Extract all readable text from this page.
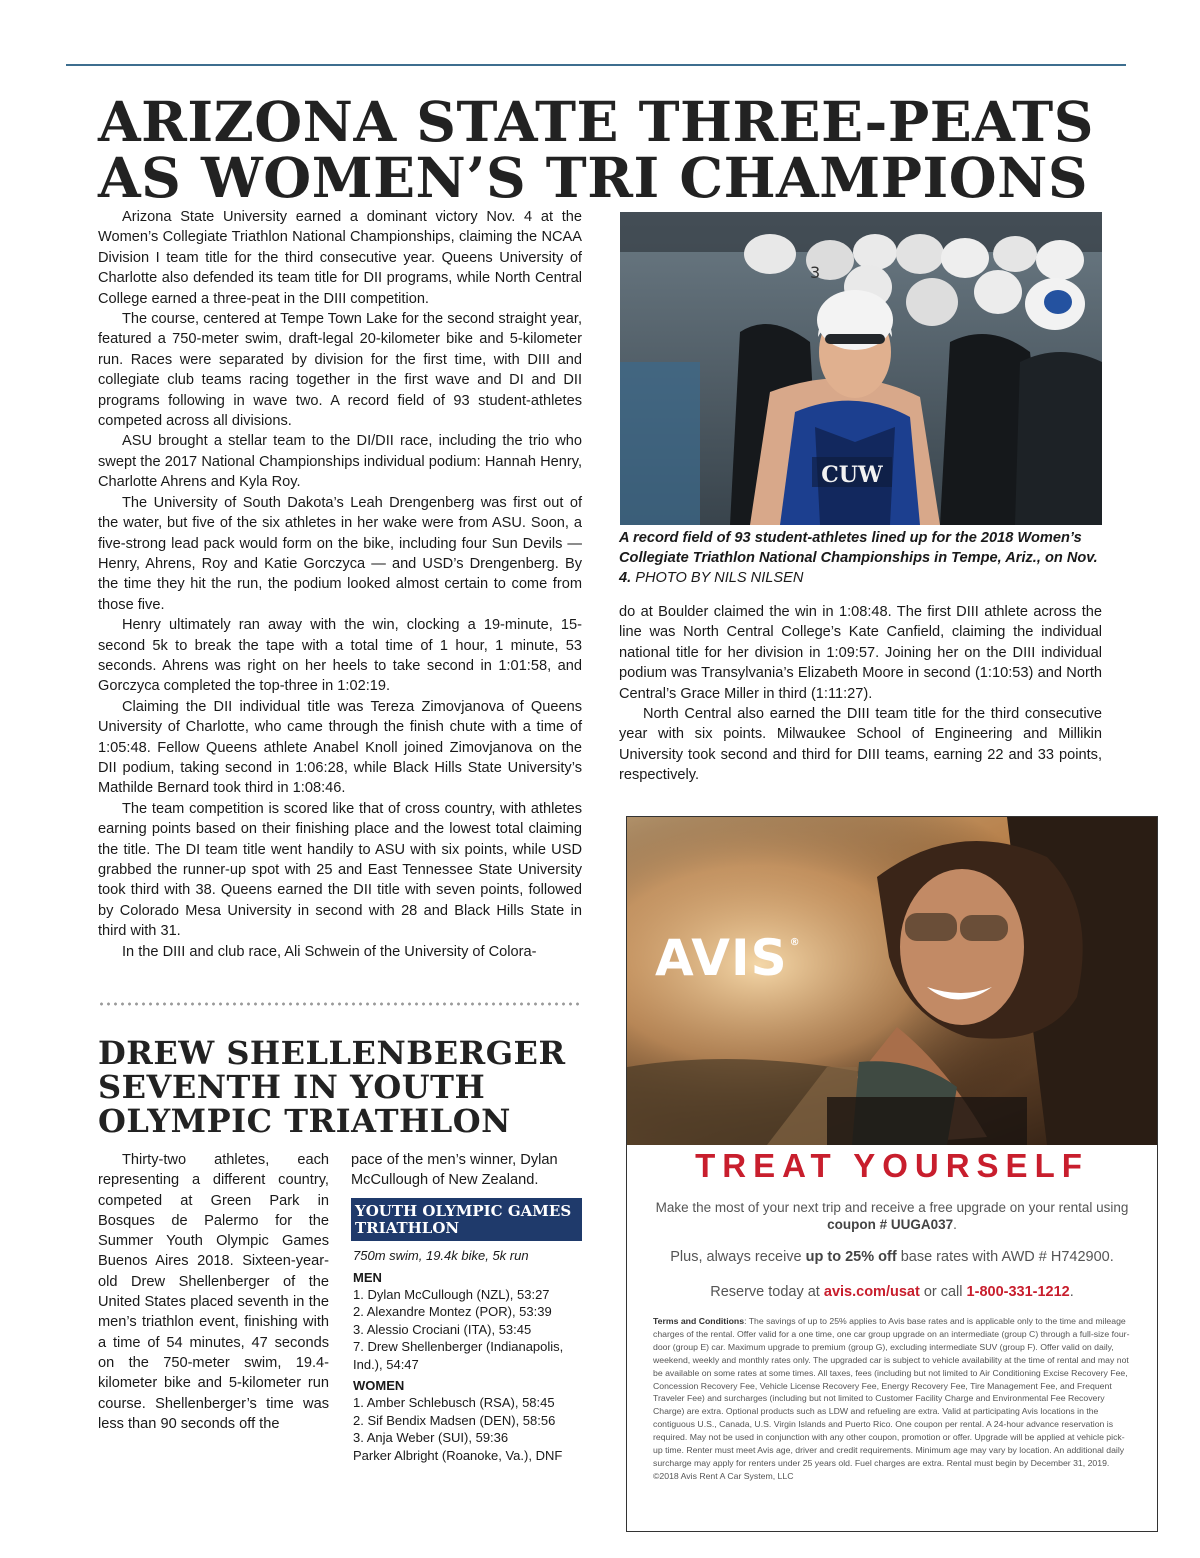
ARIZONA STATE THREE-PEATS
AS WOMEN’S TRI CHAMPIONS

Arizona State University earned a dominant victory Nov. 4 at the Women’s Collegiate Triathlon National Championships, claiming the NCAA Division I team title for the third consecutive year. Queens University of Charlotte also defended its team title for DII programs, while North Central College earned a three-peat in the DIII competition.

The course, centered at Tempe Town Lake for the second straight year, featured a 750-meter swim, draft-legal 20-kilometer bike and 5-kilometer run. Races were separated by division for the first time, with DIII and collegiate club teams racing together in the first wave and DI and DII programs following in wave two. A record field of 93 student-athletes competed across all divisions.

ASU brought a stellar team to the DI/DII race, including the trio who swept the 2017 National Championships individual podium: Hannah Henry, Charlotte Ahrens and Kyla Roy.

The University of South Dakota’s Leah Drengenberg was first out of the water, but five of the six athletes in her wake were from ASU. Soon, a five-strong lead pack would form on the bike, including four Sun Devils — Henry, Ahrens, Roy and Katie Gorczyca — and USD’s Drengenberg. By the time they hit the run, the podium looked almost certain to come from those five.

Henry ultimately ran away with the win, clocking a 19-minute, 15-second 5k to break the tape with a total time of 1 hour, 1 minute, 53 seconds. Ahrens was right on her heels to take second in 1:01:58, and Gorczyca completed the top-three in 1:02:19.

Claiming the DII individual title was Tereza Zimovjanova of Queens University of Charlotte, who came through the finish chute with a time of 1:05:48. Fellow Queens athlete Anabel Knoll joined Zimovjanova on the DII podium, taking second in 1:06:28, while Black Hills State University’s Mathilde Bernard took third in 1:08:46.

The team competition is scored like that of cross country, with athletes earning points based on their finishing place and the lowest total claiming the title. The DI team title went handily to ASU with six points, while USD grabbed the runner-up spot with 25 and East Tennessee State University took third with 38. Queens earned the DII title with seven points, followed by Colorado Mesa University in second with 28 and Black Hills State in third with 31.

In the DIII and club race, Ali Schwein of the University of Colora-

CUW
3

A record field of 93 student-athletes lined up for the 2018 Women’s Collegiate Triathlon National Championships in Tempe, Ariz., on Nov. 4. PHOTO BY NILS NILSEN

do at Boulder claimed the win in 1:08:48. The first DIII athlete across the line was North Central College’s Kate Canfield, claiming the individual national title for her division in 1:09:57. Joining her on the DIII individual podium was Transylvania’s Elizabeth Moore in second (1:10:53) and North Central’s Grace Miller in third (1:11:27).

North Central also earned the DIII team title for the third consecutive year with six points. Milwaukee School of Engineering and Millikin University took second and third for DIII teams, earning 22 and 33 points, respectively.

DREW SHELLENBERGER
SEVENTH IN YOUTH
OLYMPIC TRIATHLON

Thirty-two athletes, each representing a different country, competed at Green Park in Bosques de Palermo for the Summer Youth Olympic Games Buenos Aires 2018. Sixteen-year-old Drew Shellenberger of the United States placed seventh in the men’s triathlon event, finishing with a time of 54 minutes, 47 seconds on the 750-meter swim, 19.4-kilometer bike and 5-kilometer run course. Shellenberger’s time was less than 90 seconds off the

pace of the men’s winner, Dylan McCullough of New Zealand.

YOUTH OLYMPIC GAMES TRIATHLON
750m swim, 19.4k bike, 5k run
MEN
1. Dylan McCullough (NZL), 53:27
2. Alexandre Montez (POR), 53:39
3. Alessio Crociani (ITA), 53:45
7. Drew Shellenberger (Indianapolis, Ind.), 54:47
WOMEN
1. Amber Schlebusch (RSA), 58:45
2. Sif Bendix Madsen (DEN), 58:56
3. Anja Weber (SUI), 59:36
Parker Albright (Roanoke, Va.), DNF
AVIS ®
TREAT YOURSELF

Make the most of your next trip and receive a free upgrade on your rental using coupon # UUGA037.

Plus, always receive up to 25% off base rates with AWD # H742900.

Reserve today at avis.com/usat or call 1-800-331-1212.

Terms and Conditions: The savings of up to 25% applies to Avis base rates and is applicable only to the time and mileage charges of the rental. Offer valid for a one time, one car group upgrade on an intermediate (group C) through a full-size four-door (group E) car. Maximum upgrade to premium (group G), excluding intermediate SUV (group F). Offer valid on daily, weekend, weekly and monthly rates only. The upgraded car is subject to vehicle availability at the time of rental and may not be available on some rates at some times. All taxes, fees (including but not limited to Air Conditioning Excise Recovery Fee, Concession Recovery Fee, Vehicle License Recovery Fee, Energy Recovery Fee, Tire Management Fee, and Frequent Traveler Fee) and surcharges (including but not limited to Customer Facility Charge and Environmental Fee Recovery Charge) are extra. Optional products such as LDW and refueling are extra. Valid at participating Avis locations in the contiguous U.S., Canada, U.S. Virgin Islands and Puerto Rico. One coupon per rental. A 24-hour advance reservation is required. May not be used in conjunction with any other coupon, promotion or offer. Upgrade will be applied at vehicle pick-up time. Renter must meet Avis age, driver and credit requirements. Minimum age may vary by location. An additional daily surcharge may apply for renters under 25 years old. Fuel charges are extra. Rental must begin by December 31, 2019.
©2018 Avis Rent A Car System, LLC
